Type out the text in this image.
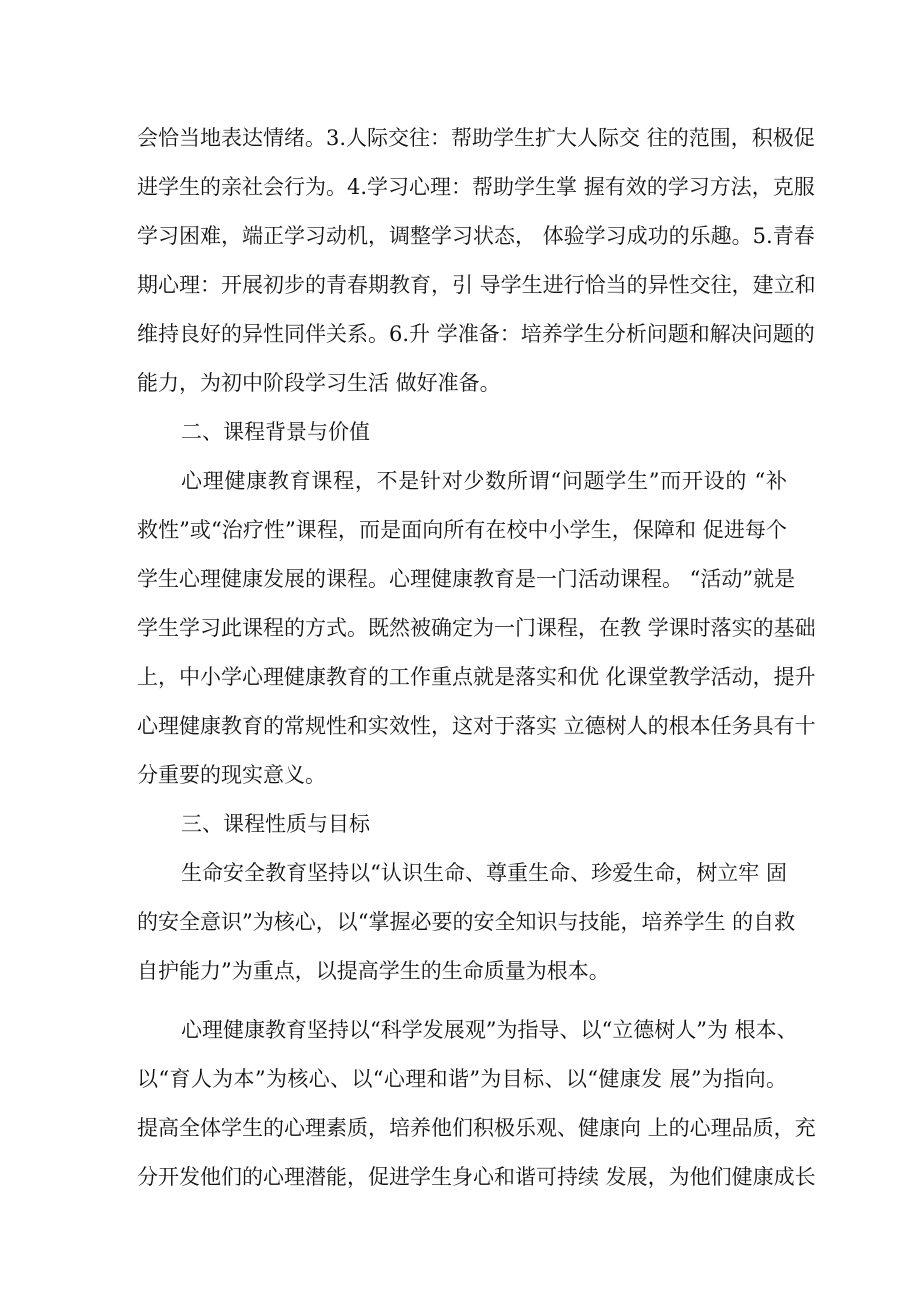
会恰当地表达情绪。3.人际交往：帮助学生扩大人际交 往的范围，积极促
进学生的亲社会行为。4.学习心理：帮助学生掌 握有效的学习方法，克服
学习困难，端正学习动机，调整学习状态， 体验学习成功的乐趣。5.青春
期心理：开展初步的青春期教育，引 导学生进行恰当的异性交往，建立和
维持良好的异性同伴关系。6.升 学准备：培养学生分析问题和解决问题的
能力，为初中阶段学习生活 做好准备。
二、课程背景与价值
心理健康教育课程，不是针对少数所谓“问题学生”而开设的 “补
救性”或“治疗性”课程，而是面向所有在校中小学生，保障和 促进每个
学生心理健康发展的课程。心理健康教育是一门活动课程。 “活动”就是
学生学习此课程的方式。既然被确定为一门课程，在教 学课时落实的基础
上，中小学心理健康教育的工作重点就是落实和优 化课堂教学活动，提升
心理健康教育的常规性和实效性，这对于落实 立德树人的根本任务具有十
分重要的现实意义。
三、课程性质与目标
生命安全教育坚持以“认识生命、尊重生命、珍爱生命，树立牢 固
的安全意识”为核心，以“掌握必要的安全知识与技能，培养学生 的自救
自护能力”为重点，以提高学生的生命质量为根本。
心理健康教育坚持以“科学发展观”为指导、以“立德树人”为 根本、
以“育人为本”为核心、以“心理和谐”为目标、以“健康发 展”为指向。
提高全体学生的心理素质，培养他们积极乐观、健康向 上的心理品质，充
分开发他们的心理潜能，促进学生身心和谐可持续 发展，为他们健康成长
